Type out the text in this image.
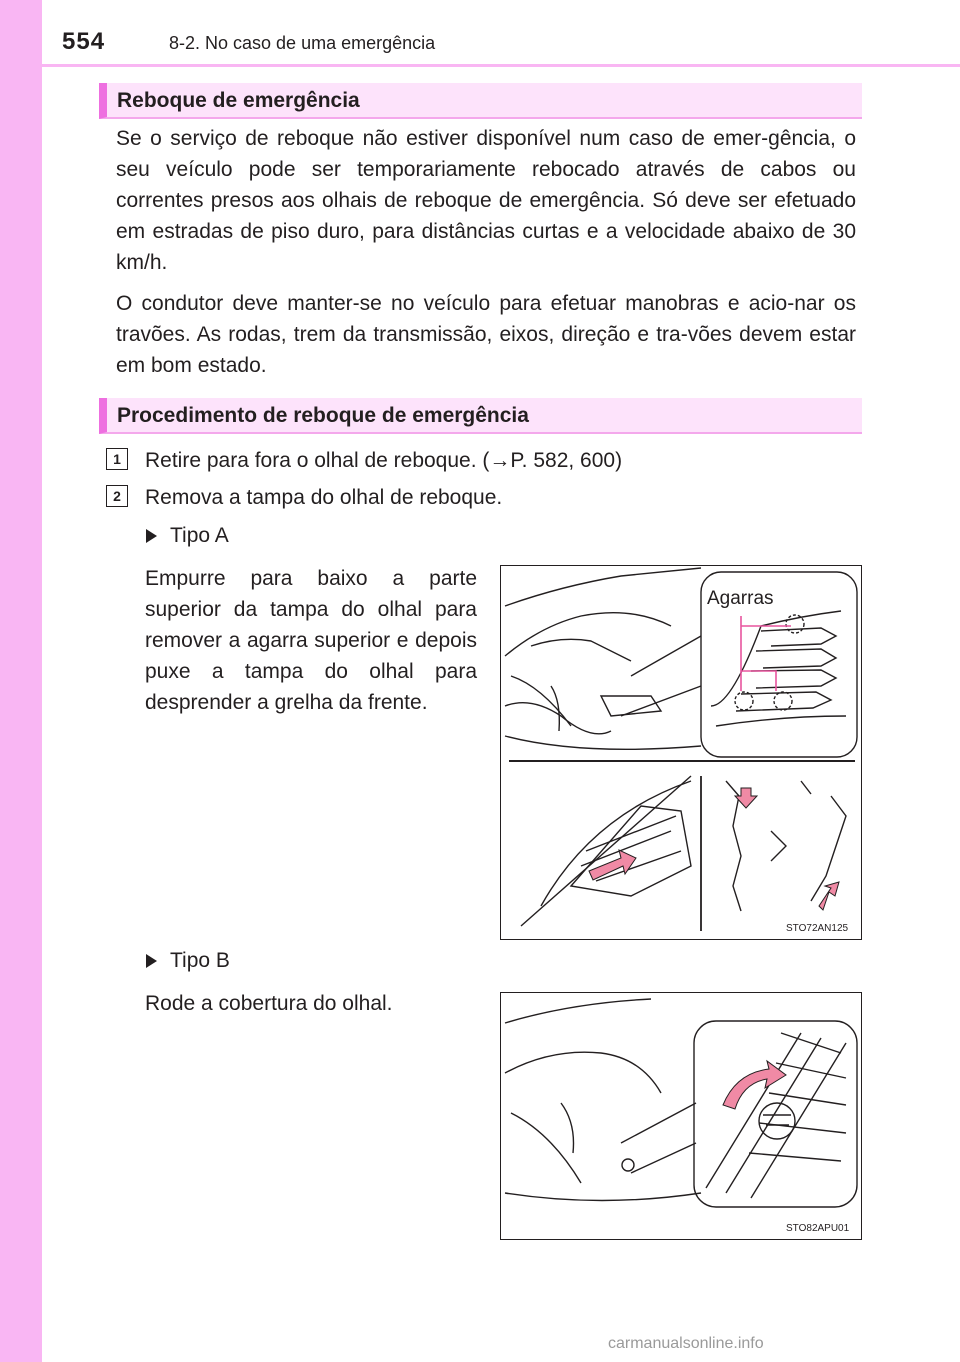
554	8-2. No caso de uma emergência
Reboque de emergência

Se o serviço de reboque não estiver disponível num caso de emer-gência, o seu veículo pode ser temporariamente rebocado através de cabos ou correntes presos aos olhais de reboque de emergência. Só deve ser efetuado em estradas de piso duro, para distâncias curtas e a velocidade abaixo de 30 km/h.

O condutor deve manter-se no veículo para efetuar manobras e acio-nar os travões. As rodas, trem da transmissão, eixos, direção e tra-vões devem estar em bom estado.

Procedimento de reboque de emergência
1	Retire para fora o olhal de reboque. (→P. 582, 600)
2	Remova a tampa do olhal de reboque.
Tipo A

Empurre para baixo a parte superior da tampa do olhal para remover a agarra superior e depois puxe a tampa do olhal para desprender a grelha da frente.

Agarras
STO72AN125
Tipo B

Rode a cobertura do olhal.

STO82APU01
carmanualsonline.info
